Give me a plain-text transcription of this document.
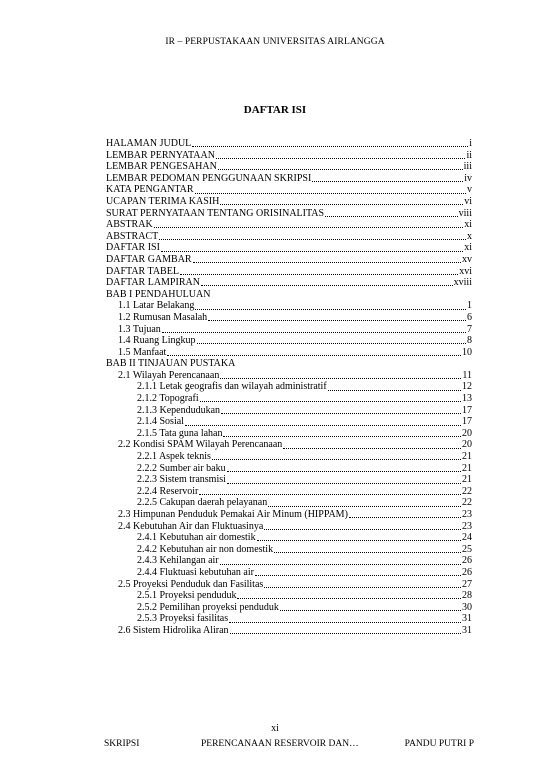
IR – PERPUSTAKAAN UNIVERSITAS AIRLANGGA
DAFTAR ISI
HALAMAN JUDUL	i
LEMBAR PERNYATAAN	ii
LEMBAR PENGESAHAN	iii
LEMBAR PEDOMAN PENGGUNAAN SKRIPSI	iv
KATA PENGANTAR	v
UCAPAN TERIMA KASIH	vi
SURAT PERNYATAAN TENTANG ORISINALITAS	viii
ABSTRAK	xi
ABSTRACT	x
DAFTAR ISI	xi
DAFTAR GAMBAR	xv
DAFTAR TABEL	xvi
DAFTAR LAMPIRAN	xviii
BAB I PENDAHULUAN
1.1 Latar Belakang	1
1.2 Rumusan Masalah	6
1.3 Tujuan	7
1.4 Ruang Lingkup	8
1.5 Manfaat	10
BAB II TINJAUAN PUSTAKA
2.1 Wilayah Perencanaan	11
2.1.1 Letak geografis dan wilayah administratif	12
2.1.2 Topografi	13
2.1.3 Kependudukan	17
2.1.4 Sosial	17
2.1.5 Tata guna lahan	20
2.2 Kondisi SPAM Wilayah Perencanaan	20
2.2.1 Aspek teknis	21
2.2.2 Sumber air baku	21
2.2.3 Sistem transmisi	21
2.2.4 Reservoir	22
2.2.5 Cakupan daerah pelayanan	22
2.3 Himpunan Penduduk Pemakai Air Minum (HIPPAM)	23
2.4 Kebutuhan Air dan Fluktuasinya	23
2.4.1 Kebutuhan air domestik	24
2.4.2 Kebutuhan air non domestik	25
2.4.3 Kehilangan air	26
2.4.4 Fluktuasi kebutuhan air	26
2.5 Proyeksi Penduduk dan Fasilitas	27
2.5.1 Proyeksi penduduk	28
2.5.2 Pemilihan proyeksi penduduk	30
2.5.3 Proyeksi fasilitas	31
2.6 Sistem Hidrolika Aliran	31
xi
SKRIPSI	PERENCANAAN RESERVOIR DAN…	PANDU PUTRI P
